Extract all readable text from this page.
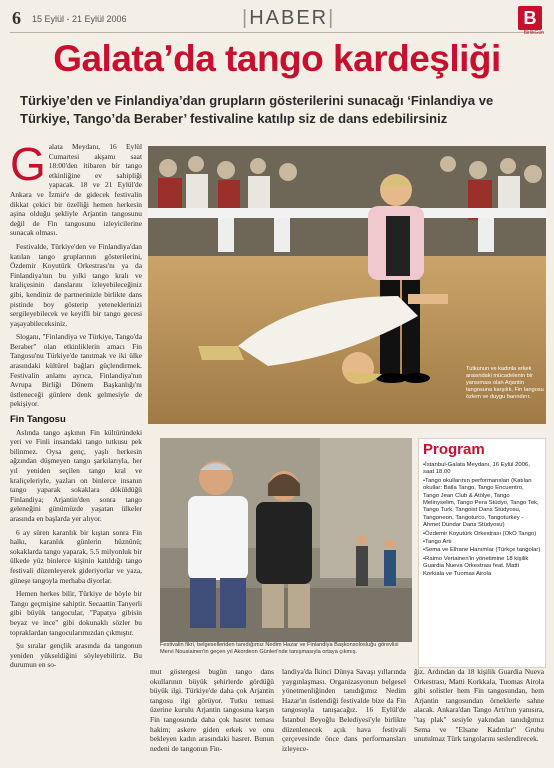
6 15 Eylül - 21 Eylül 2006	|HABER|	B
BirlikGün
Galata’da tango kardeşliği
Türkiye’den ve Finlandiya’dan grupların gösterilerini sunacağı ‘Finlandiya ve Türkiye, Tango’da Beraber’ festivaline katılıp siz de dans edebilirsiniz

Galata Meydanı, 16 Eylül Cumartesi akşamı saat 18:00'den itibaren bir tango etkinliğine ev sahipliği yapacak. 18 ve 21 Eylül'de Ankara ve İzmir'e de gidecek festivalin dikkat çekici bir özelliği hemen herkesin aşina olduğu şekliyle Arjantin tangosunu değil de Fin tangosunu izleyicilerine sunacak olması.

Festivalde, Türkiye'den ve Finlandiya'dan katılan tango gruplarının gösterilerini, Özdemir Koyutürk Orkestrası'nı ya da Finlandiya'nın bu yılki tango kralı ve kraliçesinin danslarını izleyebileceğiniz gibi, kendiniz de partnerinizle birlikte dans pistinde boy gösterip yeteneklerinizi sergileyebilecek ve keyifli bir tango gecesi yaşayabileceksiniz.

Sloganı, "Finlandiya ve Türkiye, Tango'da Beraber" olan etkinliklerin amacı Fin Tangosu'nu Türkiye'de tanıtmak ve iki ülke arasındaki kültürel bağları güçlendirmek. Festivalin anlamı ayrıca, Finlandiya'nın Avrupa Birliği Dönem Başkanlığı'nı üstleneceği günlere denk gelmesiyle de pekişiyor.

Fin Tangosu

Aslında tango aşkının Fin kültüründeki yeri ve Finli insandaki tango tutkusu pek bilinmez. Oysa genç, yaşlı herkesin ağzından düşmeyen tango şarkılarıyla, her yıl yeniden seçilen tango kral ve kraliçeleriyle, yazları on binlerce insanın tango yaparak sokaklara döküldüğü Finlandiya; Arjantin'den sonra tango geleneğini günümüzde yaşatan ülkeler arasında en başlarda yer alıyor.

6 ay süren karanlık bir kıştan sonra Fin halkı, karanlık günlerin hüznünü; sokaklarda tango yaparak, 5.5 milyonluk bir ülkede yüz binlerce kişinin katıldığı tango festivali düzenleyerek gideriyorlar ve yaza, güneşe tangoyla merhaba diyorlar.

Hemen herkes bilir, Türkiye de böyle bir Tango geçmişine sahiptir. Secaattin Tanyerli gibi büyük tangocular, "Papatya gibisin beyaz ve ince" gibi dokunaklı sözler bu topraklardan tangocularımızdan çıkmıştır.

Şu sıralar gençlik arasında da tangonun yeniden yükseldiğini söyleyebiliriz. Bu durumun en so-

Tutkunun ve kadınla erkek arasındaki mücadelenin bir yansıması olan Arjantin tangosuna karşılık, Fin tangosu özlem ve duygu barındırır.
Festivalin fikri, belgeselleriden tanıdığımız Nedim Hazar ve Finlandiya Başkonsolosluğu görevlisi Mervi Nousiainen'in geçen yıl Akordeon Günleri'nde tanışmasıyla ortaya çıkmış.
Program
•İstanbul-Galata Meydanı, 16 Eylül 2006, saat 18.00
•Tango okullarının performansları (Katılan okullar: Baila Tango, Tango Encuentro, Tango Jean Club & Atölye, Tango Melinyselim, Tango Pera Stüdyo, Tango Tek, Tango Turk, Tangoist Dans Stüdyosu, Tangoneon, Tangoturco, Tangoturkey - Ahmet Dündar Dans Stüdyosu)
•Özdemir Koyutürk Orkestrası (OkO Tango)
•Tango Artı
•Sema ve Elhane Hanımlar (Türkçe tangolar)
•Raimo Vertainen'in yönetimine 18 kişilik Guardia Nueva Orkestrası feat. Matti Korkiala ve Tuomas Airola
mut göstergesi bugün tango dans okullarının büyük şehirlerde gördüğü büyük ilgi. Türkiye'de daha çok Arjantin tangosu ilgi görüyor. Tutku temasi üzerine kurulu Arjantin tangosuna karşın Fin tangosunda daha çok hasret teması hakim; askere giden erkek ve onu bekleyen kadın arasındaki hasret. Bunun nedeni de tangonun Fin-
landiya'da İkinci Dünya Savaşı yıllarında yaygınlaşması. Organizasyonun belgesel yönetmenliğinden tanıdığımız Nedim Hazar'ın üstlendiği festivalde bize da Fin tangosuyla tanışacağız. 16 Eylül'de İstanbul Beyoğlu Belediyesi'yle birlikte düzenlenecek açık hava festivali çerçevesinde önce dans performansları izleyece-
ğiz. Ardından da 18 kişilik Guardia Nueva Orkestrası, Matti Korkkala, Tuomas Airola gibi solistler hem Fin tangosundan, hem Arjantin tangosundan örneklerle sahne alacak. Ankara'dan Tango Artı'nın yanısıra, "taş plak" sesiyle yakından tanıdığımız Sema ve "Elsane Kadınlar" Grubu unutulmaz Türk tangolarını seslendirecek.
